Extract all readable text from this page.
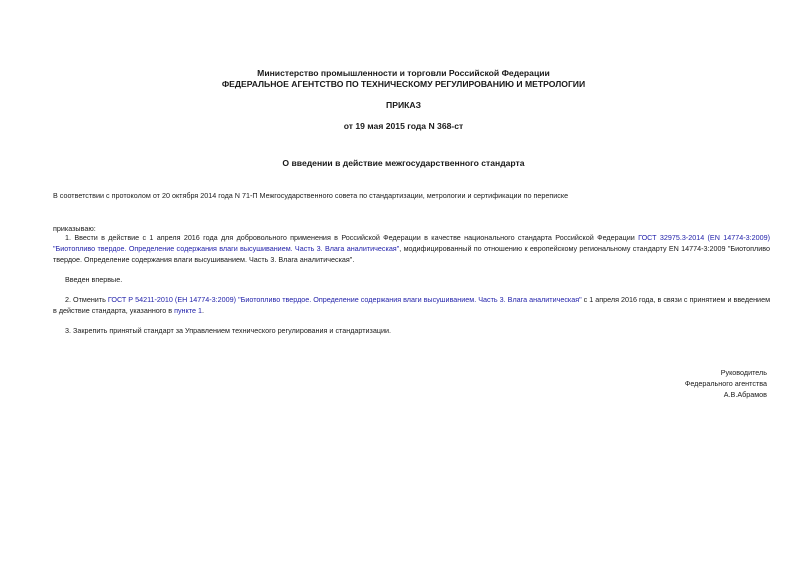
Министерство промышленности и торговли Российской Федерации
ФЕДЕРАЛЬНОЕ АГЕНТСТВО ПО ТЕХНИЧЕСКОМУ РЕГУЛИРОВАНИЮ И МЕТРОЛОГИИ
ПРИКАЗ
от 19 мая 2015 года N 368-ст
О введении в действие межгосударственного стандарта
В соответствии с протоколом от 20 октября 2014 года N 71-П Межгосударственного совета по стандартизации, метрологии и сертификации по переписке
приказываю:
1. Ввести в действие с 1 апреля 2016 года для добровольного применения в Российской Федерации в качестве национального стандарта Российской Федерации ГОСТ 32975.3-2014 (EN 14774-3:2009) "Биотопливо твердое. Определение содержания влаги высушиванием. Часть 3. Влага аналитическая", модифицированный по отношению к европейскому региональному стандарту EN 14774-3:2009 "Биотопливо твердое. Определение содержания влаги высушиванием. Часть 3. Влага аналитическая".
Введен впервые.
2. Отменить ГОСТ Р 54211-2010 (ЕН 14774-3:2009) "Биотопливо твердое. Определение содержания влаги высушиванием. Часть 3. Влага аналитическая" с 1 апреля 2016 года, в связи с принятием и введением в действие стандарта, указанного в пункте 1.
3. Закрепить принятый стандарт за Управлением технического регулирования и стандартизации.
Руководитель
Федерального агентства
А.В.Абрамов
